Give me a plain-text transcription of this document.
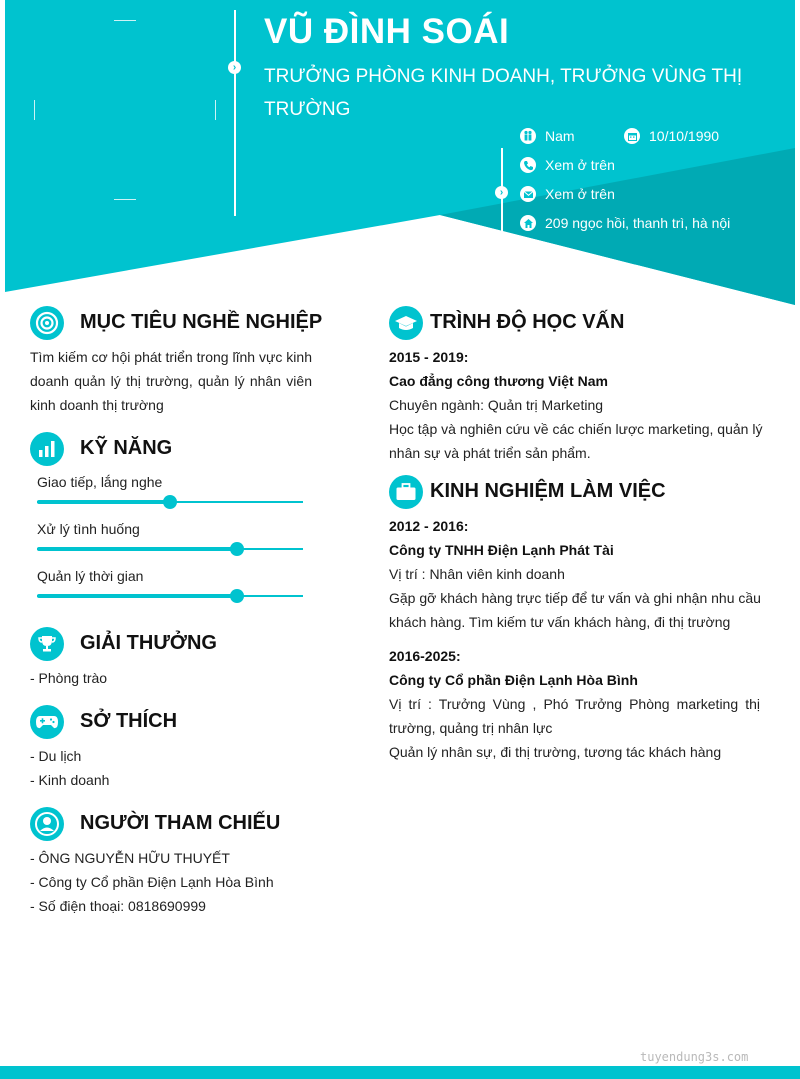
›
›
VŨ ĐÌNH SOÁI
TRƯỞNG PHÒNG KINH DOANH, TRƯỞNG VÙNG THỊ TRƯỜNG
Nam	10/10/1990
Xem ở trên
Xem ở trên
209 ngọc hồi, thanh trì, hà nội
MỤC TIÊU NGHỀ NGHIỆP
Tìm kiếm cơ hội phát triển trong lĩnh vực kinh doanh quản lý thị trường, quản lý nhân viên kinh doanh thị trường
KỸ NĂNG
Giao tiếp, lắng nghe
Xử lý tình huống
Quản lý thời gian
GIẢI THƯỞNG
- Phòng trào
SỞ THÍCH
- Du lịch
- Kinh doanh
NGƯỜI THAM CHIẾU
- ÔNG NGUYỄN HỮU THUYẾT
- Công ty Cổ phần Điện Lạnh Hòa Bình
- Số điện thoại: 0818690999
TRÌNH ĐỘ HỌC VẤN
2015 - 2019:
Cao đẳng công thương Việt Nam
Chuyên ngành: Quản trị Marketing
Học tập và nghiên cứu về các chiến lược marketing, quản lý nhân sự và phát triển sản phẩm.
KINH NGHIỆM LÀM VIỆC
2012 - 2016:
Công ty TNHH Điện Lạnh Phát Tài
Vị trí : Nhân viên kinh doanh
Gặp gỡ khách hàng trực tiếp để tư vấn và ghi nhận nhu cầu khách hàng. Tìm kiếm tư vấn khách hàng, đi thị trường
2016-2025:
Công ty Cổ phần Điện Lạnh Hòa Bình
Vị trí : Trưởng Vùng , Phó Trưởng Phòng marketing thị trường, quảng trị nhân lực
Quản lý nhân sự, đi thị trường, tương tác khách hàng
tuyendung3s.com
